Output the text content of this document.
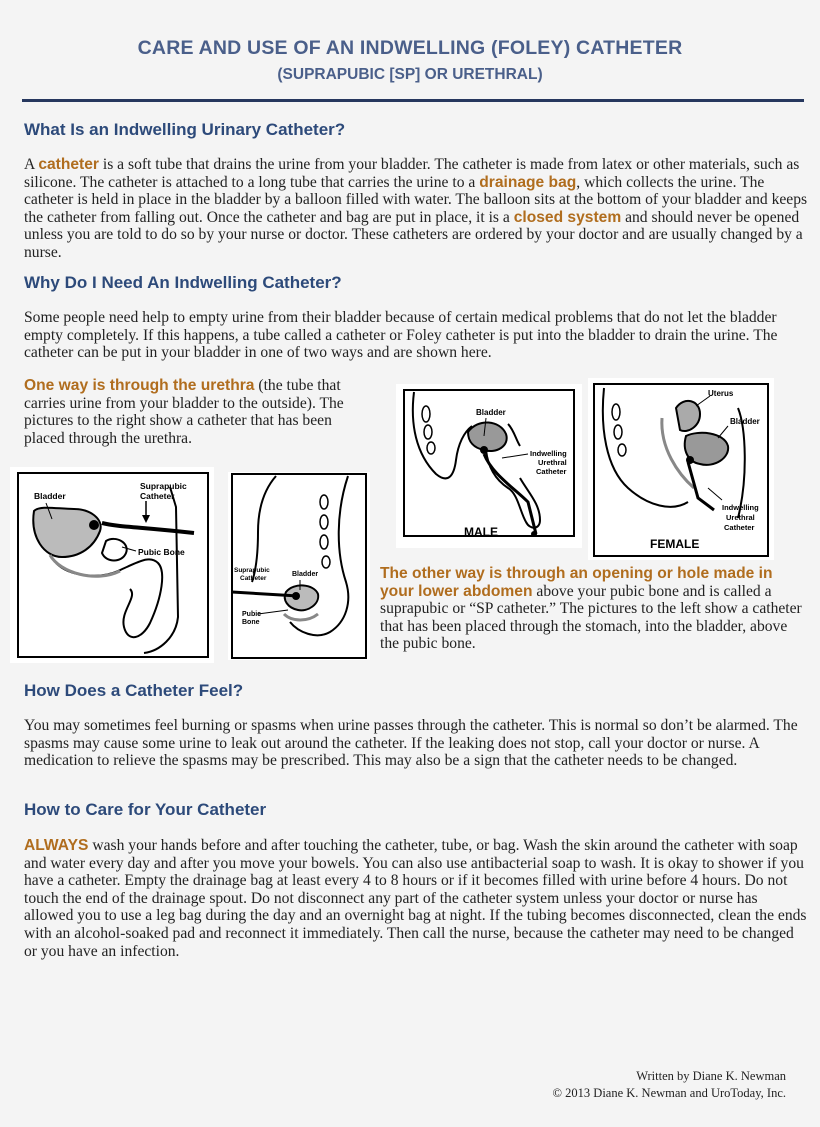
CARE AND USE OF AN INDWELLING (FOLEY) CATHETER
(SUPRAPUBIC [SP] OR URETHRAL)
What Is an Indwelling Urinary Catheter?

A catheter is a soft tube that drains the urine from your bladder. The catheter is made from latex or other materials, such as silicone. The catheter is attached to a long tube that carries the urine to a drainage bag, which collects the urine. The catheter is held in place in the bladder by a balloon filled with water. The balloon sits at the bottom of your bladder and keeps the catheter from falling out. Once the catheter and bag are put in place, it is a closed system and should never be opened unless you are told to do so by your nurse or doctor. These catheters are ordered by your doctor and are usually changed by a nurse.

Why Do I Need An Indwelling Catheter?

Some people need help to empty urine from their bladder because of certain medical problems that do not let the bladder empty completely. If this happens, a tube called a catheter or Foley catheter is put into the bladder to drain the urine. The catheter can be put in your bladder in one of two ways and are shown here.

One way is through the urethra (the tube that carries urine from your bladder to the outside). The pictures to the right show a catheter that has been placed through the urethra.

Bladder
Indwelling
Urethral
Catheter
MALE
Uterus
Bladder
Indwelling
Urethral
Catheter
FEMALE
Bladder
Suprapubic
Catheter
Pubic Bone
Suprapubic
Catheter
Bladder
Pubic
Bone

The other way is through an opening or hole made in your lower abdomen above your pubic bone and is called a suprapubic or “SP catheter.” The pictures to the left show a catheter that has been placed through the stomach, into the bladder, above the pubic bone.

How Does a Catheter Feel?

You may sometimes feel burning or spasms when urine passes through the catheter. This is normal so don’t be alarmed. The spasms may cause some urine to leak out around the catheter. If the leaking does not stop, call your doctor or nurse. A medication to relieve the spasms may be prescribed. This may also be a sign that the catheter needs to be changed.

How to Care for Your Catheter

ALWAYS wash your hands before and after touching the catheter, tube, or bag. Wash the skin around the catheter with soap and water every day and after you move your bowels. You can also use antibacterial soap to wash. It is okay to shower if you have a catheter. Empty the drainage bag at least every 4 to 8 hours or if it becomes filled with urine before 4 hours. Do not touch the end of the drainage spout. Do not disconnect any part of the catheter system unless your doctor or nurse has allowed you to use a leg bag during the day and an overnight bag at night. If the tubing becomes disconnected, clean the ends with an alcohol-soaked pad and reconnect it immediately. Then call the nurse, because the catheter may need to be changed or you have an infection.

Written by Diane K. Newman
© 2013 Diane K. Newman and UroToday, Inc.
